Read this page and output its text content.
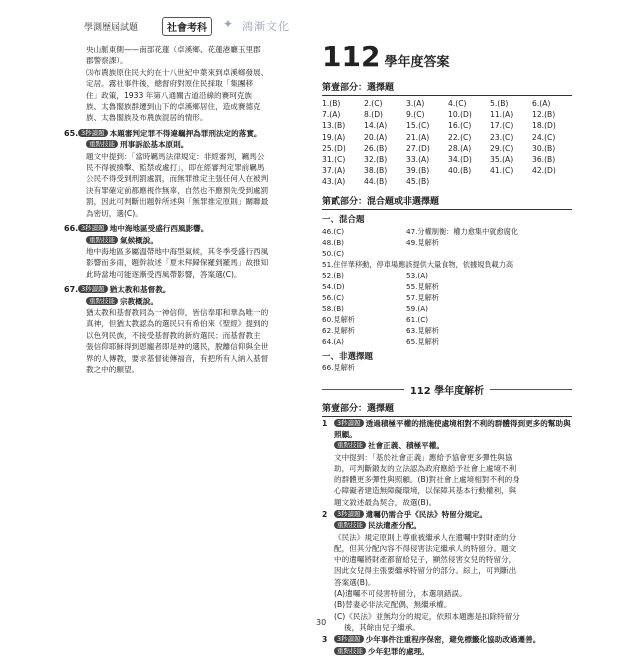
學測歷屆試題	社會考科	✦ 鴻漸文化
央山脈東側——南部花蓮（卓溪鄉、花蓮港廳玉里郡
郡警察課）。
⑶布農族原住民大約在十八世紀中葉來到卓溪鄉發展、
定居。霧社事件後，總督府對原住民採取「集團移
住」政策，1933 年第八通關古道沿線的賽珂克族
族、太魯閣族群遷到山下的卓溪鄉居住，造成賽德克
族、太魯閣族及布農族混居的情形。
65. 3秒讀題 本題審判定罪不得違羈押為罪刑法定的落實。
重點技能 刑事訴訟基本原則。
題文中提到：「當時羈馬法律規定：非經審判，羈馬公
民不得被揍擊、監禁或處打」，即在經審判定罪前羈馬
公民不得受到刑罰處罰，而無罪推定主張任何人在被判
決有罪確定前都應視作無辜，自然也不應預先受到處罰
罰，因此可判斷出題幹所述與「無罪推定原則」關聯最
為密切，選(C)。
66. 3秒讀題 地中海地區受盛行西風影響。
重點技能 氣候概說。
地中海地區多屬溫帶地中海型氣候，其冬季受盛行西風
影響而多雨，題幹敘述「夏末拜歸保羅到羅馬」故推知
此時當地可能逐漸受西風帶影響，答案選(C)。
67. 3秒讀題 猶太教和基督教。
重點技能 宗教概說。
猶太教和基督教同為一神信仰，皆信奉耶和華為唯一的
真神，但猶太教認為的選民只有希伯來《聖經》提到的
以色列民族，不接受基督教的新約選民；而基督教主
張信仰耶穌得到恩寵者即是神的選民，脫離信仰與全世
界的人傳教，要求基督徒傳福音，有把所有人納入基督
教之中的願望。
112 學年度答案
第壹部分：選擇題
1.(B)	2.(C)	3.(A)	4.(C)	5.(B)	6.(A)
7.(A)	8.(D)	9.(C)	10.(D)	11.(A)	12.(B)
13.(B)	14.(A)	15.(C)	16.(C)	17.(C)	18.(D)
19.(A)	20.(A)	21.(A)	22.(C)	23.(C)	24.(C)
25.(D)	26.(B)	27.(D)	28.(A)	29.(C)	30.(B)
31.(C)	32.(B)	33.(A)	34.(D)	35.(A)	36.(B)
37.(A)	38.(B)	39.(B)	40.(B)	41.(C)	42.(D)
43.(A)	44.(B)	45.(B)
第貳部分：混合題或非選擇題
一、混合題
46.(C)	47.分權制衡：權力愈集中就愈腐化
48.(B)	49.見解析
50.(C)
51.住伴華移動，停車場應該提供大量食物，依據規負載力高
52.(B)	53.(A)
54.(D)	55.見解析
56.(C)	57.見解析
58.(B)	59.(A)
60.見解析	61.(C)
62.見解析	63.見解析
64.(A)	65.見解析
一、非選擇題
66.見解析
112 學年度解析
第壹部分：選擇題
1	3秒讀題 透過積極平權的措施使處境相對不利的群體得到更多的幫助與照顧。
重點技能 社會正義、積極平權。
文中提到：「基於社會正義」應給予協會更多彈性與協
助，可判斷鍛友的立法認為政府應給予社會上處境不利
的群體更多彈性與照顧。(B)對社會上處境相對不利的身
心障礙者建造無障礙環境，以保障其基本行動權利，與
題文敘述最為契合，故選(B)。
2	3秒讀題 遺囑仍需合乎《民法》特留分規定。
重點技能 民法遺產分配。
《民法》規定原則上尊重被繼承人在遺囑中對財產的分
配，但其分配內容不得侵害法定繼承人的特留分。題文
中的遺囑將財產都留給兒子，顯然侵害女兒的特留分，
因此女兒得主張要繼承特留分的部分。綜上，可判斷出
答案選(B)。
(A)遺囑不可侵害特留分，本選項錯誤。
(B)替妻必非法定配偶，無繼承權。
(C)《民法》並無均分的規定，依照本題應是扣除特留分
後，其餘由兒子繼承。
3	3秒讀題 少年事件注重程序保密，避免標籤化協助改過遷善。
重點技能 少年犯罪的處理。
30
